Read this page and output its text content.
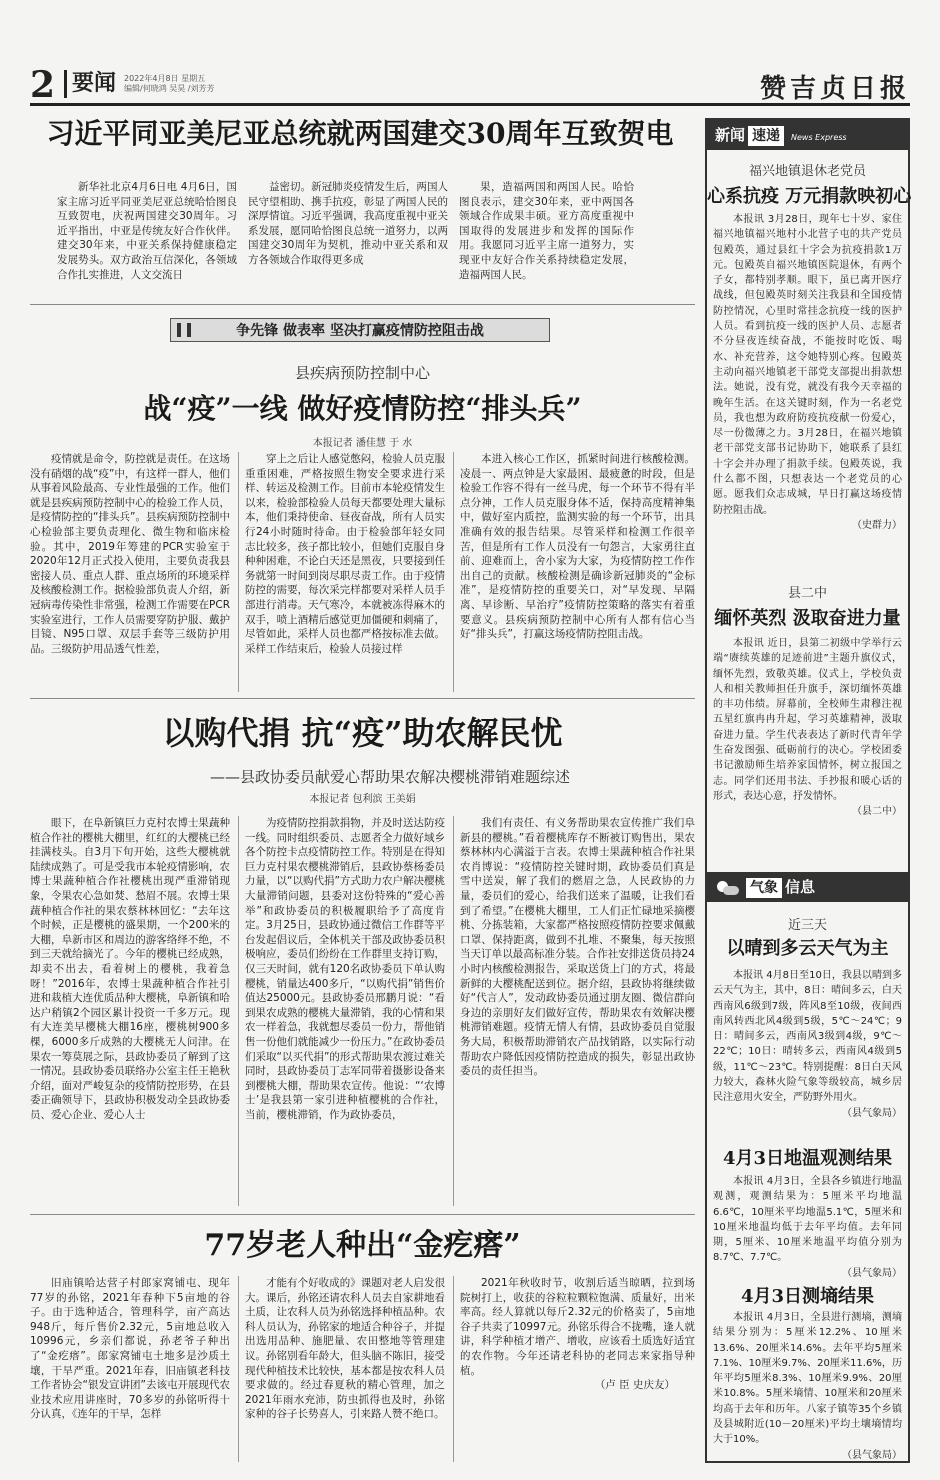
2 要闻 2022年4月8日 星期五
编辑/何晓鸿 吴昊 /刘芳芳	赞吉贞日报
习近平同亚美尼亚总统就两国建交30周年互致贺电

新华社北京4月6日电 4月6日，国家主席习近平同亚美尼亚总统哈恰图良互致贺电，庆祝两国建交30周年。习近平指出，中亚是传统友好合作伙伴。建交30年来，中亚关系保持健康稳定发展势头。双方政治互信深化，各领域合作扎实推进，人文交流日

益密切。新冠肺炎疫情发生后，两国人民守望相助、携手抗疫，彰显了两国人民的深厚情谊。习近平强调，我高度重视中亚关系发展，愿同哈恰图良总统一道努力，以两国建交30周年为契机，推动中亚关系和双方各领域合作取得更多成

果，造福两国和两国人民。哈恰图良表示，建交30年来，亚中两国各领域合作成果丰硕。亚方高度重视中国取得的发展进步和发挥的国际作用。我愿同习近平主席一道努力，实现亚中友好合作关系持续稳定发展，造福两国人民。

争先锋 做表率 坚决打赢疫情防控阻击战
县疾病预防控制中心
战“疫”一线 做好疫情防控“排头兵”
本报记者 潘佳慧 于 水

疫情就是命令，防控就是责任。在这场没有硝烟的战“疫”中，有这样一群人，他们从事着风险最高、专业性最强的工作。他们就是县疾病预防控制中心的检验工作人员，是疫情防控的“排头兵”。县疾病预防控制中心检验部主要负责理化、微生物和临床检验。其中，2019年筹建的PCR实验室于2020年12月正式投入使用，主要负责我县密接人员、重点人群、重点场所的环境采样及核酸检测工作。据检验部负责人介绍，新冠病毒传染性非常强，检测工作需要在PCR实验室进行，工作人员需要穿防护服、戴护目镜、N95口罩、双层手套等三级防护用品。三级防护用品透气性差，

穿上之后让人感觉憋闷，检验人员克服重重困难，严格按照生物安全要求进行采样、转运及检测工作。目前市本轮疫情发生以来，检验部检验人员每天都要处理大量标本，他们秉持使命、昼夜奋战，所有人员实行24小时随时待命。由于检验部年轻女同志比较多，孩子都比较小，但她们克服自身种种困难，不论白天还是黑夜，只要接到任务就第一时间到岗尽职尽责工作。由于疫情防控的需要，每次采完样都要对采样人员手部进行消毒。天气寒冷，本就被冻得麻木的双手，喷上酒精后感觉更加僵硬和刺痛了，尽管如此，采样人员也都严格按标准去做。采样工作结束后，检验人员接过样

本进入核心工作区，抓紧时间进行核酸检测。凌晨一、两点钟是大家最困、最疲惫的时段，但是检验工作容不得有一丝马虎，每一个环节不得有半点分神，工作人员克服身体不适，保持高度精神集中，做好室内质控，监测实验的每一个环节，出具准确有效的报告结果。尽管采样和检测工作很辛苦，但是所有工作人员没有一句怨言，大家勇往直前、迎难而上，舍小家为大家，为疫情防控工作作出自己的贡献。核酸检测是确诊新冠肺炎的“金标准”，是疫情防控的重要关口，对“早发现、早隔离、早诊断、早治疗”疫情防控策略的落实有着重要意义。县疾病预防控制中心所有人都有信心当好“排头兵”，打赢这场疫情防控阻击战。

以购代捐 抗“疫”助农解民忧
——县政协委员献爱心帮助果农解决樱桃滞销难题综述
本报记者 包利滨 王美娟

眼下，在阜新镇巨力克村农博士果蔬种植合作社的樱桃大棚里，红红的大樱桃已经挂满枝头。自3月下旬开始，这些大樱桃就陆续成熟了。可是受我市本轮疫情影响，农博士果蔬种植合作社樱桃出现严重滞销现象，令果农心急如焚、愁眉不展。农博士果蔬种植合作社的果农蔡林林回忆：“去年这个时候，正是樱桃的盛果期，一个200米的大棚，阜新市区和周边的游客络绎不绝，不到三天就给摘光了。今年的樱桃已经成熟，却卖不出去，看着树上的樱桃，我着急呀！”2016年，农博士果蔬种植合作社引进和栽植大连优质品种大樱桃，阜新镇和哈达户稍镇2个园区累计投资一千多万元。现有大连美早樱桃大棚16座，樱桃树900多棵，6000多斤成熟的大樱桃无人问津。在果农一筹莫展之际，县政协委员了解到了这一情况。县政协委员联络办公室主任王艳秋介绍，面对严峻复杂的疫情防控形势，在县委正确领导下，县政协积极发动全县政协委员、爱心企业、爱心人士

为疫情防控捐款捐物，并及时送达防疫一线。同时组织委员、志愿者全力做好域乡各个防控卡点疫情防控工作。特别是在得知巨力克村果农樱桃滞销后，县政协蔡杨委员力量，以“以购代捐”方式助力农户解决樱桃大量滞销问题，县委对这份特殊的“爱心善举”和政协委员的积极履职给予了高度肯定。3月25日，县政协通过微信工作群等平台发起倡议后，全体机关干部及政协委员积极响应，委员们纷纷在工作群里支持订购，仅三天时间，就有120名政协委员下单认购樱桃，销量达400多斤，“以购代捐”销售价值达25000元。县政协委员邢鹏月说：“看到果农成熟的樱桃大量滞销，我的心情和果农一样着急，我就想尽委员一份力，帮他销售一份他们就能减少一份压力。”在政协委员们采取“以买代捐”的形式帮助果农渡过难关同时，县政协委员丁志军同带着摄影设备来到樱桃大棚，帮助果农宣传。他说：“‘农博士’是我县第一家引进种植樱桃的合作社，当前，樱桃滞销，作为政协委员，

我们有责任、有义务帮助果农宣传推广我们阜新县的樱桃。”看着樱桃库存不断被订购售出，果农蔡林林内心满溢于言表。农博士果蔬种植合作社果农肖博说：“疫情防控关键时期，政协委员们真是雪中送炭，解了我们的燃眉之急，人民政协的力量，委员们的爱心，给我们送来了温暖，让我们看到了希望。”在樱桃大棚里，工人们正忙碌地采摘樱桃、分拣装箱，大家都严格按照疫情防控要求佩戴口罩、保持距离，做到不扎堆、不聚集，每天按照当天订单以最高标准分装。合作社安排送货员持24小时内核酸检测报告，采取送货上门的方式，将最新鲜的大樱桃配送到位。据介绍，县政协将继续做好“代言人”，发动政协委员通过朋友圈、微信群向身边的亲朋好友们做好宣传，帮助果农有效解决樱桃滞销难题。疫情无情人有情，县政协委员自觉服务大局，积极帮助滞销农产品找销路，以实际行动帮助农户降低因疫情防控造成的损失，彰显出政协委员的责任担当。

77岁老人种出“金疙瘩”

旧庙镇哈达营子村郎家窝铺屯、现年77岁的孙铭，2021年春种下5亩地的谷子。由于选种适合，管理科学，亩产高达948斤，每斤售价2.32元，5亩地总收入10996元，乡亲们都说，孙老爷子种出了“金疙瘩”。郎家窝铺屯土地多是沙质土壤，干旱严重。2021年春，旧庙镇老科技工作者协会“银发宣讲团”去该屯开展现代农业技术应用讲座时，70多岁的孙铭听得十分认真，《连年的干旱，怎样

才能有个好收成的》课题对老人启发很大。课后，孙铭还请农科人员去自家耕地看土质，让农科人员为孙铭选择种植品种。农科人员认为，孙铭家的地适合种谷子，并提出选用品种、施肥量、农田整地等管理建议。孙铭别看年龄大，但头脑不陈旧，接受现代种植技术比较快，基本都是按农科人员要求做的。经过春夏秋的精心管理，加之2021年雨水充沛，防虫抓得也及时，孙铭家种的谷子长势喜人，引来路人赞不绝口。

2021年秋收时节，收割后适当晾晒，拉到场院树打上，收获的谷粒粒颗粒饱满、质量好，出米率高。经人算就以每斤2.32元的价格卖了，5亩地谷子共卖了10997元。孙铭乐得合不拢嘴，逢人就讲，科学种植才增产、增收，应该看土质选好适宜的农作物。今年还请老科协的老同志来家指导种植。

（卢 臣 史庆友）
新闻 速递 News Express
福兴地镇退休老党员
心系抗疫 万元捐款映初心

本报讯 3月28日，现年七十岁、家住福兴地镇福兴地村小北营子屯的共产党员包殿英，通过县红十字会为抗疫捐款1万元。包殿英自福兴地镇医院退休，有两个子女，都特别孝顺。眼下，虽已离开医疗战线，但包殿英时刻关注我县和全国疫情防控情况，心里时常挂念抗疫一线的医护人员。看到抗疫一线的医护人员、志愿者不分昼夜连续奋战，不能按时吃饭、喝水、补充营养，这令她特别心疼。包殿英主动向福兴地镇老干部党支部提出捐款想法。她说，没有党，就没有我今天幸福的晚年生活。在这关键时刻，作为一名老党员，我也想为政府防疫抗疫献一份爱心，尽一份微薄之力。3月28日，在福兴地镇老干部党支部书记协助下，她联系了县红十字会并办理了捐款手续。包殿英说，我什么都不图，只想表达一个老党员的心愿。愿我们众志成城，早日打赢这场疫情防控阻击战。

（史群力）
县二中
缅怀英烈 汲取奋进力量

本报讯 近日，县第二初级中学举行云端“赓续英雄的足迹前进”主题升旗仪式，缅怀先烈，致敬英雄。仪式上，学校负责人和相关教师担任升旗手，深切缅怀英雄的丰功伟绩。屏幕前，全校师生肃穆注视五星红旗冉冉升起，学习英雄精神，汲取奋进力量。学生代表表达了新时代青年学生奋发图强、砥砺前行的决心。学校团委书记激励师生培养家国情怀，树立报国之志。同学们还用书法、手抄报和暖心话的形式，表达心意，抒发情怀。

（县二中）
气象 信息
近三天
以晴到多云天气为主

本报讯 4月8日至10日，我县以晴到多云天气为主，其中，8日：晴间多云，白天西南风6级到7级，阵风8至10级，夜间西南风转西北风4级到5级，5℃～24℃；9日：晴间多云，西南风3级到4级，9℃～22℃；10日：晴转多云，西南风4级到5级，11℃～23℃。特别提醒：8日白天风力较大，森林火险气象等级较高，城乡居民注意用火安全，严防野外用火。

（县气象局）
4月3日地温观测结果

本报讯 4月3日，全县各乡镇进行地温观测，观测结果为：5厘米平均地温6.6℃，10厘米平均地温5.1℃，5厘米和10厘米地温均低于去年平均值。去年同期，5厘米、10厘米地温平均值分别为8.7℃、7.7℃。

（县气象局）
4月3日测墒结果

本报讯 4月3日，全县进行测墒，测墒结果分别为：5厘米12.2%、10厘米13.6%、20厘米14.6%。去年平均5厘米7.1%、10厘米9.7%、20厘米11.6%，历年平均5厘米8.3%、10厘米9.9%、20厘米10.8%。5厘米墒情、10厘米和20厘米均高于去年和历年。八家子镇等35个乡镇及县城附近(10－20厘米)平均土壤墒情均大于10%。

（县气象局）
